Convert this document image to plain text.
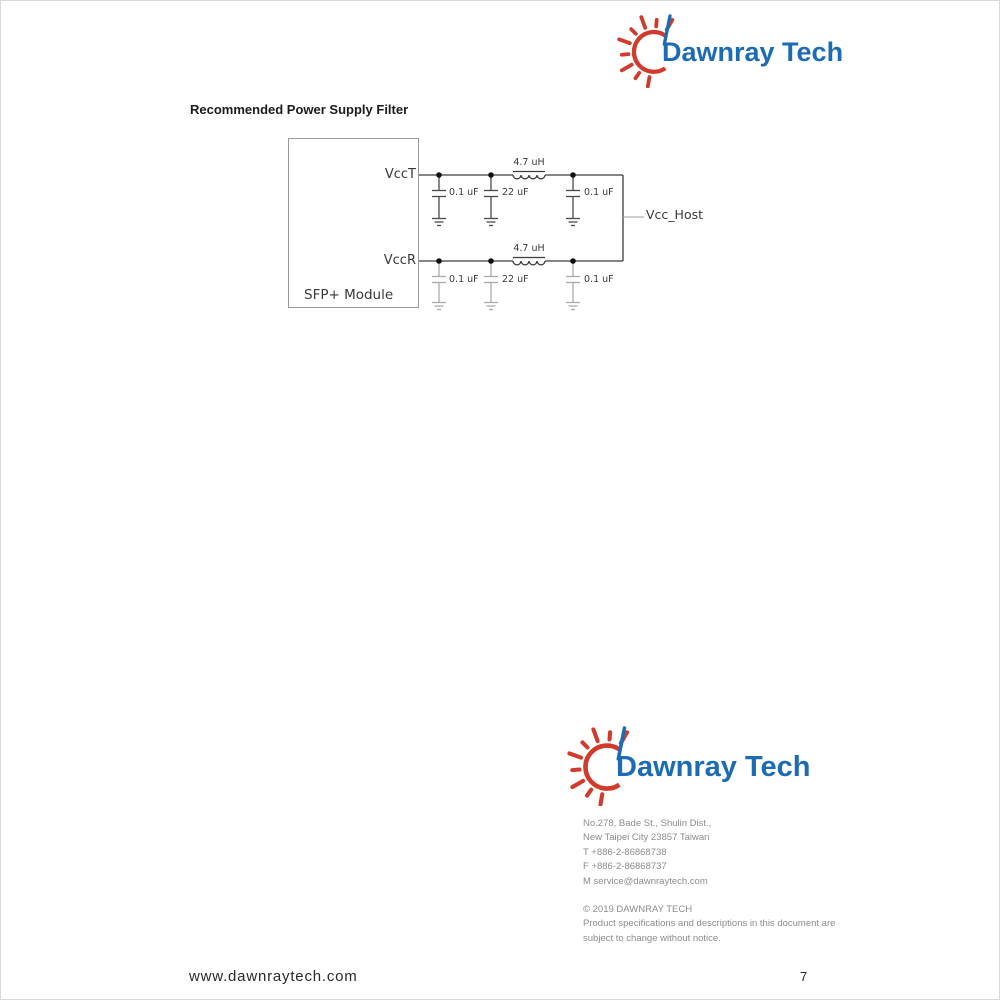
Dawnray Tech
Recommended Power Supply Filter
VccT
VccR
SFP+ Module
4.7 uH
4.7 uH
0.1 uF 22 uF	0.1 uF
0.1 uF 22 uF	0.1 uF
Vcc_Host
Dawnray Tech
No.278, Bade St., Shulin Dist.,
New Taipei City 23857 Taiwan
T +886-2-86868738
F +886-2-86868737
M service@dawnraytech.com
© 2019 DAWNRAY TECH
Product specifications and descriptions in this document are
subject to change without notice.
www.dawnraytech.com	7
